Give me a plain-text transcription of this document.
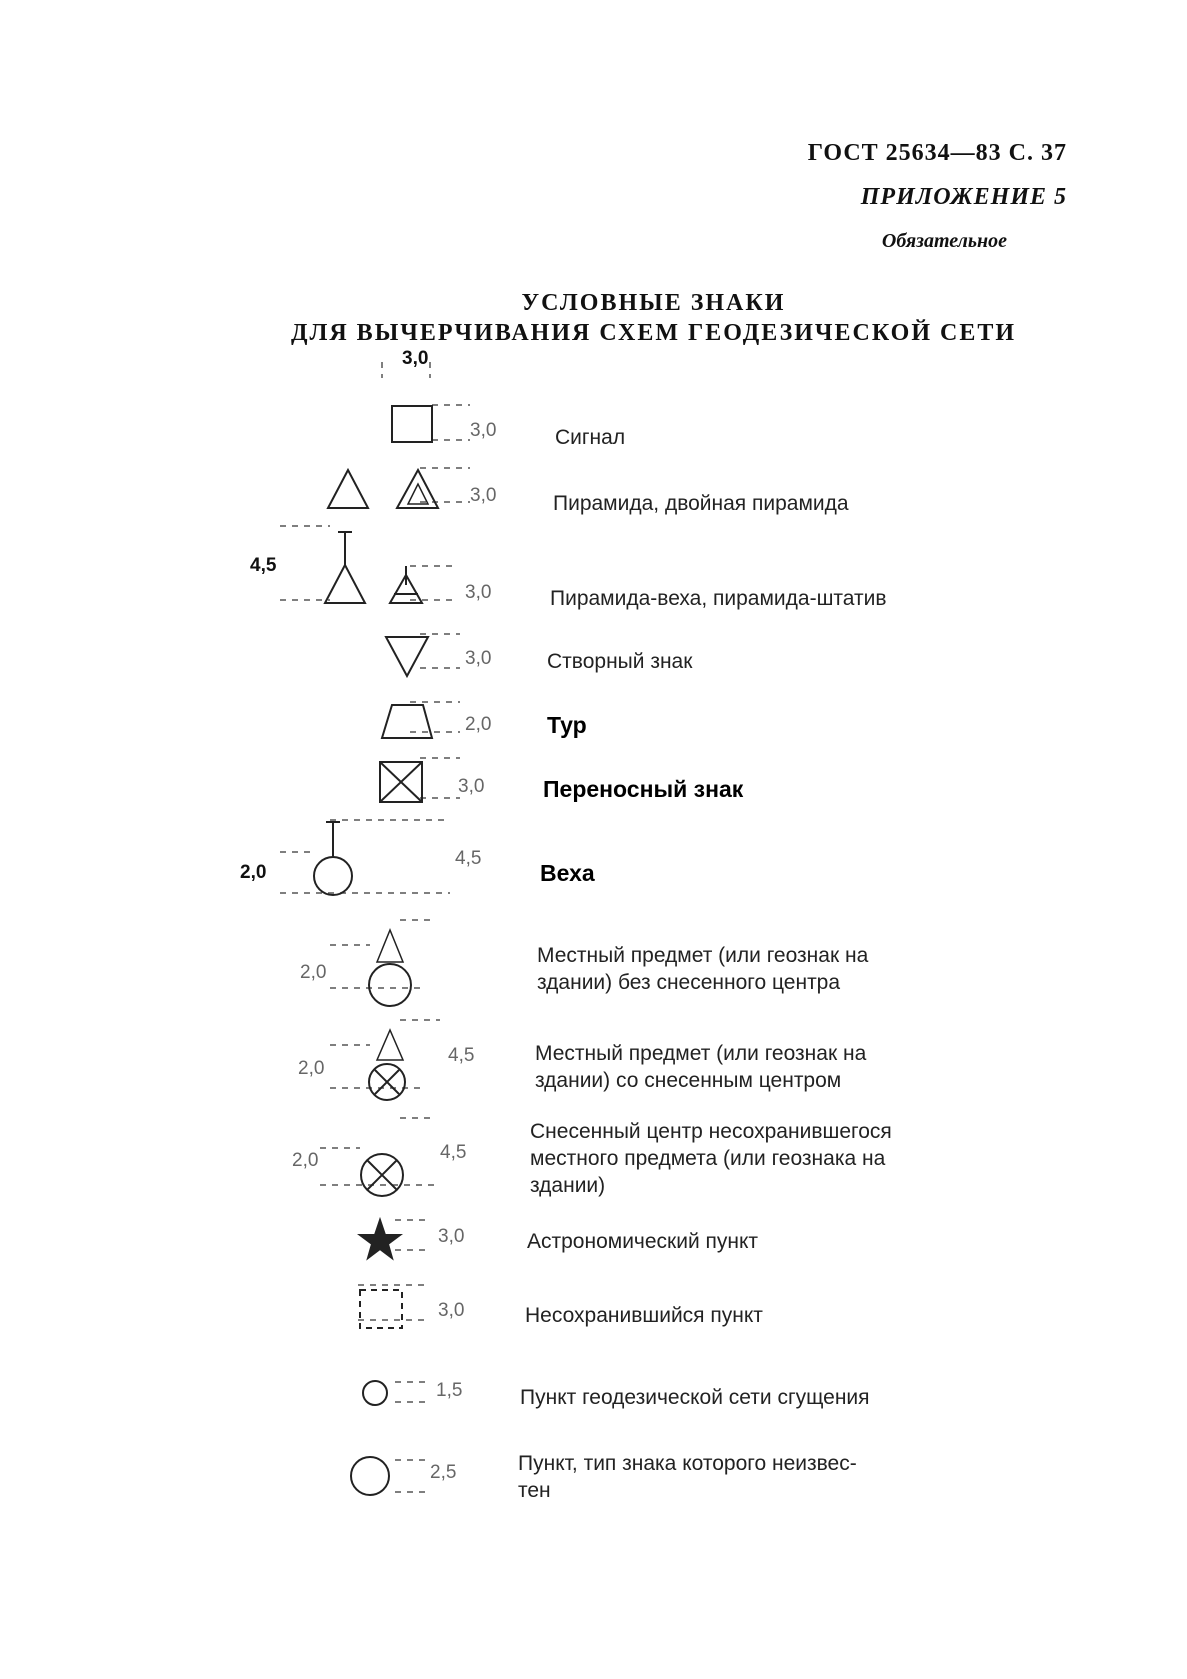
ГОСТ 25634—83 С. 37
ПРИЛОЖЕНИЕ 5
Обязательное
УСЛОВНЫЕ ЗНАКИ
ДЛЯ ВЫЧЕРЧИВАНИЯ СХЕМ ГЕОДЕЗИЧЕСКОЙ СЕТИ
3,0
3,0
3,0
4,5
3,0
3,0
2,0
3,0
2,0
4,5
2,0
2,0
4,5
2,0	4,5
3,0
3,0
1,5
2,5
Сигнал
Пирамида, двойная пирамида
Пирамида-веха, пирамида-штатив
Створный знак
Тур
Переносный знак
Веха
Местный предмет (или геознак на
здании) без снесенного центра
Местный предмет (или геознак на
здании) со снесенным центром
Снесенный центр несохранившегося
местного предмета (или геознака на
здании)
Астрономический пункт
Несохранившийся пункт
Пункт геодезической сети сгущения
Пункт, тип знака которого неизвес-
тен
